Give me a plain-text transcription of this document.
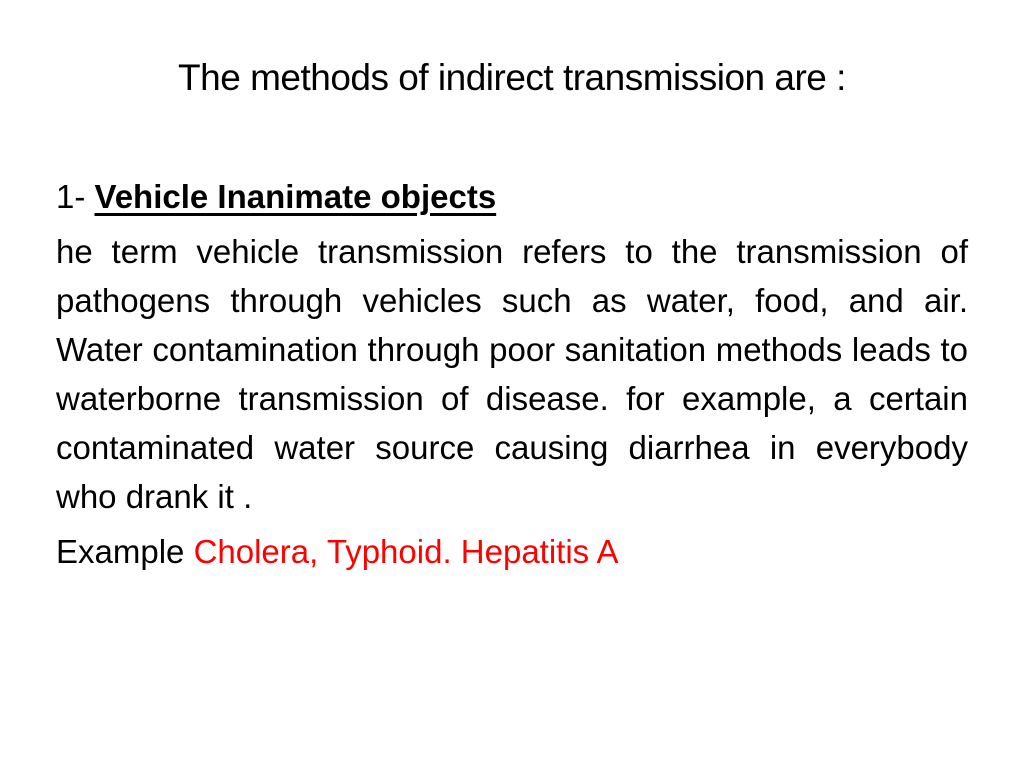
The methods of indirect transmission are :

1- Vehicle Inanimate objects

he term vehicle transmission refers to the transmission of pathogens through vehicles such as water, food, and air. Water contamination through poor sanitation methods leads to waterborne transmission of disease. for example, a certain contaminated water source causing diarrhea in everybody who drank it .

Example Cholera, Typhoid. Hepatitis A
